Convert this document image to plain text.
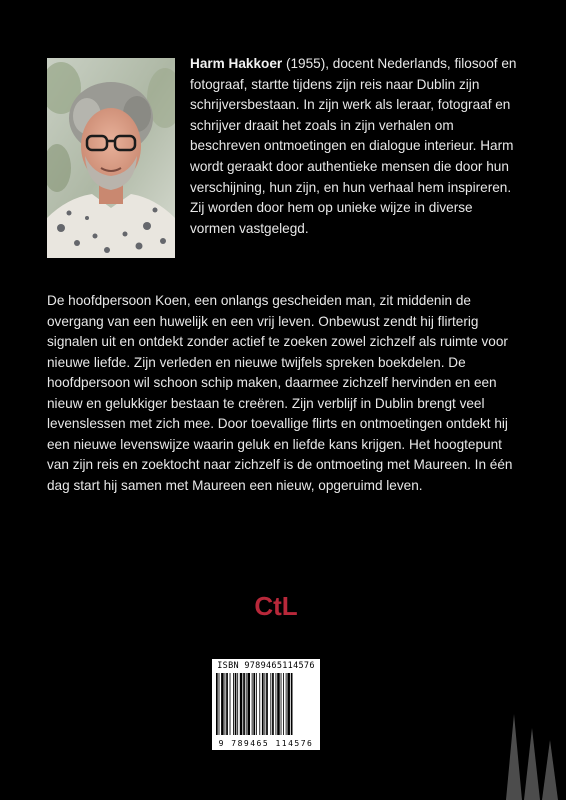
Harm Hakkoer (1955), docent Nederlands, filosoof en fotograaf, startte tijdens zijn reis naar Dublin zijn schrijversbestaan. In zijn werk als leraar, fotograaf en schrijver draait het zoals in zijn verhalen om beschreven ontmoetingen en dialogue interieur. Harm wordt geraakt door authentieke mensen die door hun verschijning, hun zijn, en hun verhaal hem inspireren. Zij worden door hem op unieke wijze in diverse vormen vastgelegd.

De hoofdpersoon Koen, een onlangs gescheiden man, zit middenin de overgang van een huwelijk en een vrij leven. Onbewust zendt hij flirterig signalen uit en ontdekt zonder actief te zoeken zowel zichzelf als ruimte voor nieuwe liefde. Zijn verleden en nieuwe twijfels spreken boekdelen. De hoofdpersoon wil schoon schip maken, daarmee zichzelf hervinden en een nieuw en gelukkiger bestaan te creëren. Zijn verblijf in Dublin brengt veel levenslessen met zich mee. Door toevallige flirts en ontmoetingen ontdekt hij een nieuwe levenswijze waarin geluk en liefde kans krijgen. Het hoogtepunt van zijn reis en zoektocht naar zichzelf is de ontmoeting met Maureen. In één dag start hij samen met Maureen een nieuw, opgeruimd leven.

CtL
ISBN 9789465114576
9 789465 114576
